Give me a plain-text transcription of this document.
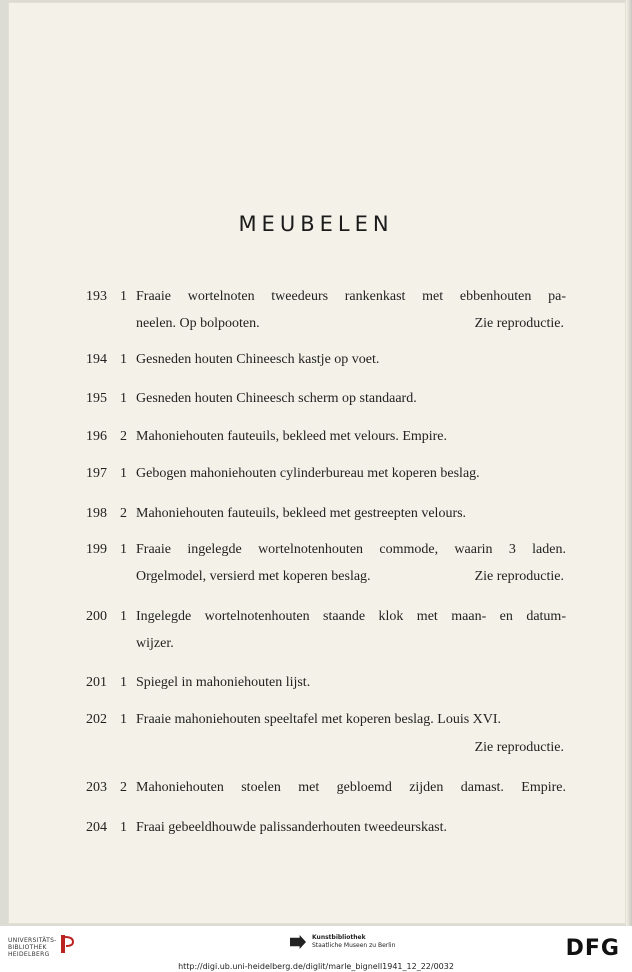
MEUBELEN
193 1 Fraaie wortelnoten tweedeurs rankenkast met ebbenhouten pa-
neelen. Op bolpooten.	Zie reproductie.
194 1 Gesneden houten Chineesch kastje op voet.
195 1 Gesneden houten Chineesch scherm op standaard.
196 2 Mahoniehouten fauteuils, bekleed met velours. Empire.
197 1 Gebogen mahoniehouten cylinderbureau met koperen beslag.
198 2 Mahoniehouten fauteuils, bekleed met gestreepten velours.
199 1 Fraaie ingelegde wortelnotenhouten commode, waarin 3 laden.
Orgelmodel, versierd met koperen beslag.	Zie reproductie.
200 1 Ingelegde wortelnotenhouten staande klok met maan- en datum-
wijzer.
201 1 Spiegel in mahoniehouten lijst.
202 1 Fraaie mahoniehouten speeltafel met koperen beslag. Louis XVI.
Zie reproductie.
203 2 Mahoniehouten stoelen met gebloemd zijden damast. Empire.
204 1 Fraai gebeeldhouwde palissanderhouten tweedeurskast.
UNIVERSITÄTS-
BIBLIOTHEK
HEIDELBERG
Kunstbibliothek
Staatliche Museen zu Berlin	DFG
http://digi.ub.uni-heidelberg.de/diglit/marle_bignell1941_12_22/0032
